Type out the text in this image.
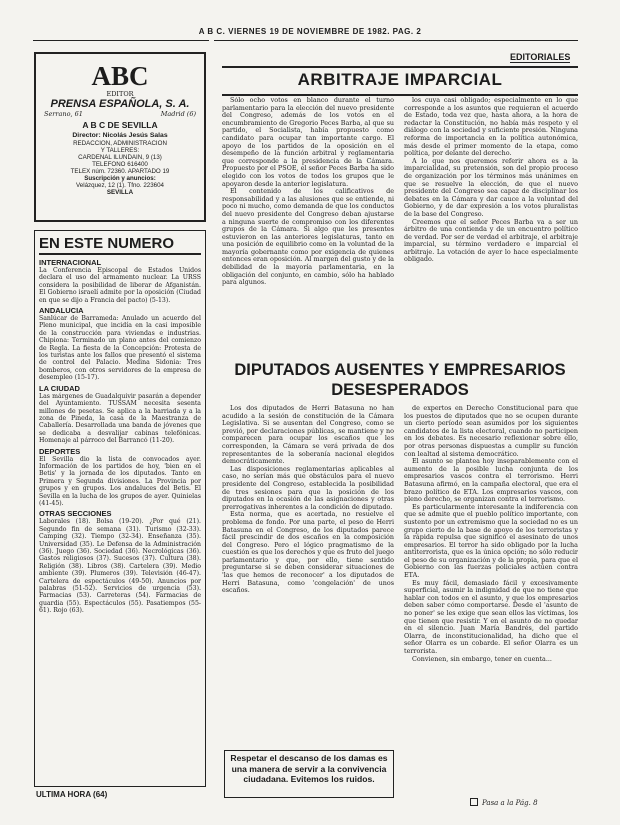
A B C. VIERNES 19 DE NOVIEMBRE DE 1982. PAG. 2
ABC
EDITOR
PRENSA ESPAÑOLA, S. A.
Serrano, 61	Madrid (6)
A B C DE SEVILLA
Director: Nicolás Jesús Salas
REDACCION, ADMINISTRACION
Y TALLERES:
CARDENAL ILUNDAIN, 9 (13)
TELEFONO 616400
TELEX núm. 72360. APARTADO 19
Suscripción y anuncios:
Velázquez, 12 (1). Tfno. 223604
SEVILLA
EN ESTE NUMERO
INTERNACIONAL

La Conferencia Episcopal de Estados Unidos declara el uso del armamento nuclear. La URSS considera la posibilidad de liberar de Afganistán. El Gobierno israelí admite por la oposición (Ciudad en que se dijo a Francia del pacto) (5-13).

ANDALUCIA

Sanlúcar de Barrameda: Anulado un acuerdo del Pleno municipal, que incidía en la casi imposible de la construcción para viviendas e industrias. Chipiona: Terminado un plano antes del comienzo de Regla. La fiesta de la Concepción: Protesta de los turistas ante los fallos que presentó el sistema de control del Palacio. Medina Sidonia: Tres bomberos, con otros servidores de la empresa de desempleo (15-17).

LA CIUDAD

Las márgenes de Guadalquivir pasarán a depender del Ayuntamiento. TUSSAM necesita sesenta millones de pesetas. Se aplica a la barriada y a la zona de Pineda, la casa de la Maestranza de Caballería. Desarrollada una banda de jóvenes que se dedicaba a desvalijar cabinas telefónicas. Homenaje al párroco del Barrancó (11-20).

DEPORTES

El Sevilla dio la lista de convocados ayer. Información de los partidos de hoy, 'bien en el Betis' y la jornada de los diputados. Tanto en Primera y Segunda divisiones. La Provincia por grupos y en grupos. Los andaluces del Betis. El Sevilla en la lucha de los grupos de ayer. Quinielas (41-45).

OTRAS SECCIONES

Laborales (18). Bolsa (19-20). ¿Por qué (21). Segundo fin de semana (31). Turismo (32-33). Camping (32). Tiempo (32-34). Enseñanza (35). Universidad (35). Le Defensa de la Administración (36). Juego (36). Sociedad (36). Necrológicas (36). Gastos religiosos (37). Sucesos (37). Cultura (38). Religión (38). Libros (38). Cartelera (39). Medio ambiente (39). Plumeros (39). Televisión (46-47). Cartelera de espectáculos (49-50). Anuncios por palabras (51-52). Servicios de urgencia (53). Farmacias (53). Carreteras (54). Farmacias de guardia (55). Espectáculos (55). Pasatiempos (55-61). Rojo (63).

ULTIMA HORA (64)
EDITORIALES
ARBITRAJE IMPARCIAL

Sólo ocho votos en blanco durante el turno parlamentario para la elección del nuevo presidente del Congreso, además de los votos en el encumbramiento de Gregorio Peces Barba, al que su partido, el Socialista, había propuesto como candidato para ocupar tan importante cargo. El apoyo de los partidos de la oposición en el desempeño de la función arbitral y reglamentaria que corresponde a la presidencia de la Cámara. Propuesto por el PSOE, el señor Peces Barba ha sido elegido con los votos de todos los grupos que le apoyaron desde la anterior legislatura.

El contenido de los calificativos de responsabilidad y a las alusiones que se entiende, ni poco ni mucho, como demanda de que los conductos del nuevo presidente del Congreso deban ajustarse a ninguna suerte de compromiso con los diferentes grupos de la Cámara. Si algo que les presentes estuvieron en las anteriores legislaturas, tanto en una posición de equilibrio como en la voluntad de la mayoría gobernante como por exigencia de quienes entonces eran oposición. Al margen del gusto y de la debilidad de la mayoría parlamentaria, en la obligación del conjunto, en cambio, sólo ha hablado para algunos.

los cuya casi obligado; especialmente en lo que corresponde a los asuntos que requieran el acuerdo de Estado, toda vez que, hasta ahora, a la hora de redactar la Constitución, no había más respeto y el diálogo con la sociedad y suficiente presión. Ninguna reforma de importancia en la política autonómica, más desde el primer momento de la etapa, como política, por delante del derecho.

A lo que nos queremos referir ahora es a la imparcialidad, su pretensión, son del propio proceso de organización por los términos más unánimes en que se resuelve la elección, de que el nuevo presidente del Congreso sea capaz de disciplinar los debates en la Cámara y dar cauce a la voluntad del Gobierno, y de dar expresión a los votos pluralistas de la base del Congreso.

Creemos que el señor Peces Barba va a ser un árbitro de una contienda y de un encuentro político de verdad. Por ser de verdad el arbitraje, el arbitraje imparcial, su término verdadero e imparcial el arbitraje. La votación de ayer lo hace especialmente obligado.

DIPUTADOS AUSENTES Y EMPRESARIOS DESESPERADOS

Los dos diputados de Herri Batasuna no han acudido a la sesión de constitución de la Cámara Legislativa. Si se ausentan del Congreso, como se previó, por declaraciones públicas, se mantiene y no comparecen para ocupar los escaños que les corresponden, la Cámara se verá privada de dos representantes de la soberanía nacional elegidos democráticamente.

Las disposiciones reglamentarias aplicables al caso, no serían más que obstáculos para el nuevo presidente del Congreso, establecida la posibilidad de tres sesiones para que la posición de los diputados en la ocasión de las asignaciones y otras prerrogativas inherentes a la condición de diputado.

Esta norma, que es acertada, no resuelve el problema de fondo. Por una parte, el peso de Herri Batasuna en el Congreso, de los diputados parece fácil prescindir de dos escaños en la composición del Congreso. Pero el lógico pragmatismo de la cuestión es que los derechos y que es fruto del juego parlamentario y que, por ello, tiene sentido preguntarse si se deben considerar situaciones de 'las que hemos de reconocer' a los diputados de Herri Batasuna, como 'congelación' de unos escaños.

de expertos en Derecho Constitucional para que los puestos de diputados que no se ocupen durante un cierto período sean asumidos por los siguientes candidatos de la lista electoral, cuando no participen en los debates. Es necesario reflexionar sobre ello, por otras personas dispuestas a cumplir su función con lealtad al sistema democrático.

El asunto se plantea hoy inseparablemente con el aumento de la posible lucha conjunta de los empresarios vascos contra el terrorismo. Herri Batasuna afirmó, en la campaña electoral, que era el brazo político de ETA. Los empresarios vascos, con pleno derecho, se organizan contra el terrorismo.

Es particularmente interesante la indiferencia con que se admite que el pueblo político importante, con sustento por un extremismo que la sociedad no es un grupo cierto de la base de apoyo de los terroristas y la rápida repulsa que significó el asesinato de unos empresarios. El terror ha sido obligado por la lucha antiterrorista, que es la única opción; no sólo reducir el peso de su organización y de la propia, para que el Gobierno con las fuerzas policiales actúen contra ETA.

Es muy fácil, demasiado fácil y excesivamente superficial, asumir la indignidad de que no tiene que hablar con todos en el asunto, y que los empresarios deben saber cómo comportarse. Desde el 'asunto de no poner' se les exige que sean ellos las víctimas, los que tienen que resistir. Y en el asunto de no quedar en el silencio. Juan María Bandrés, del partido Olarra, de inconstitucionalidad, ha dicho que el señor Olarra es un cobarde. El señor Olarra es un terrorista.

Convienen, sin embargo, tener en cuenta...

Respetar el descanso de los damas es una manera de servir a la convivencia ciudadana. Evitemos los ruidos.
Pasa a la Pág. 8
